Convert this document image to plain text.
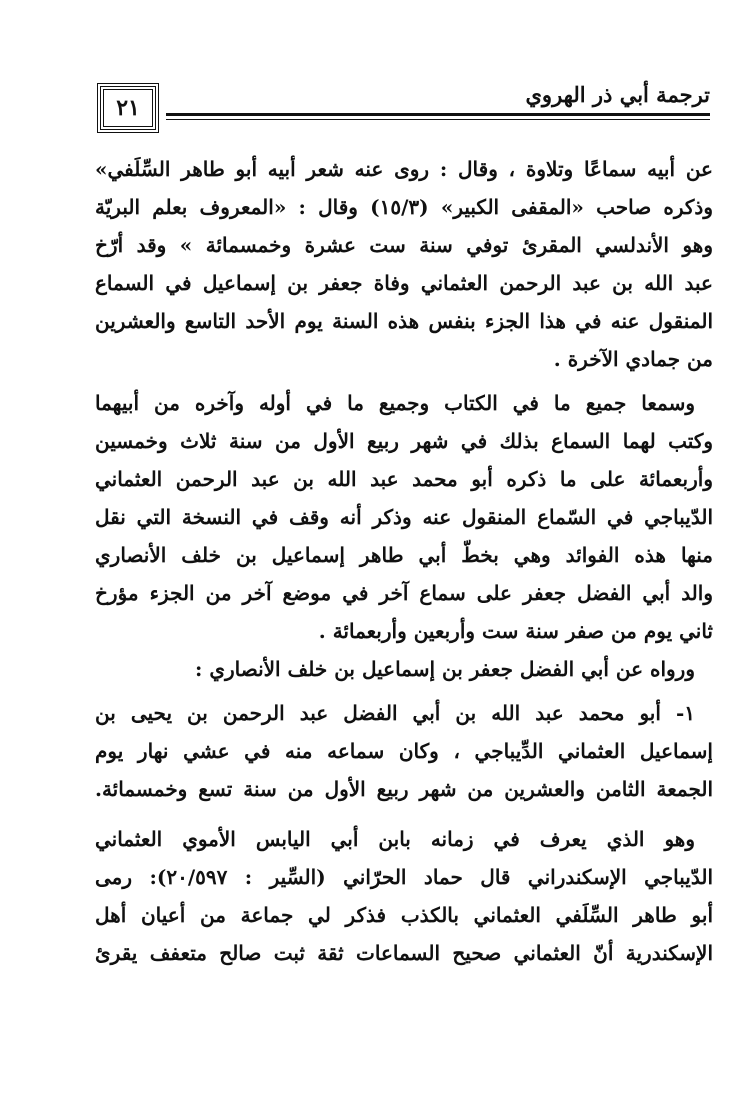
ترجمة أبي ذر الهروي
٢١
عن أبيه سماعًا وتلاوة ، وقال : روى عنه شعر أبيه أبو طاهر السِّلَفي»
وذكره صاحب «المقفى الكبير» (١٥/٣) وقال : «المعروف بعلم البريّة
وهو الأندلسي المقرئ توفي سنة ست عشرة وخمسمائة » وقد أرّخ
عبد الله بن عبد الرحمن العثماني وفاة جعفر بن إسماعيل في السماع
المنقول عنه في هذا الجزء بنفس هذه السنة يوم الأحد التاسع والعشرين
من جمادي الآخرة .
وسمعا جميع ما في الكتاب وجميع ما في أوله وآخره من أبيهما
وكتب لهما السماع بذلك في شهر ربيع الأول من سنة ثلاث وخمسين
وأربعمائة على ما ذكره أبو محمد عبد الله بن عبد الرحمن العثماني
الدّيباجي في السّماع المنقول عنه وذكر أنه وقف في النسخة التي نقل
منها هذه الفوائد وهي بخطّ أبي طاهر إسماعيل بن خلف الأنصاري
والد أبي الفضل جعفر على سماع آخر في موضع آخر من الجزء مؤرخ
ثاني يوم من صفر سنة ست وأربعين وأربعمائة .
ورواه عن أبي الفضل جعفر بن إسماعيل بن خلف الأنصاري :
١- أبو محمد عبد الله بن أبي الفضل عبد الرحمن بن يحيى بن
إسماعيل العثماني الدِّيباجي ، وكان سماعه منه في عشي نهار يوم
الجمعة الثامن والعشرين من شهر ربيع الأول من سنة تسع وخمسمائة.
وهو الذي يعرف في زمانه بابن أبي اليابس الأموي العثماني
الدّيباجي الإسكندراني قال حماد الحرّاني (السِّير : ٢٠/٥٩٧): رمى
أبو طاهر السِّلَفي العثماني بالكذب فذكر لي جماعة من أعيان أهل
الإسكندرية أنّ العثماني صحيح السماعات ثقة ثبت صالح متعفف يقرئ
